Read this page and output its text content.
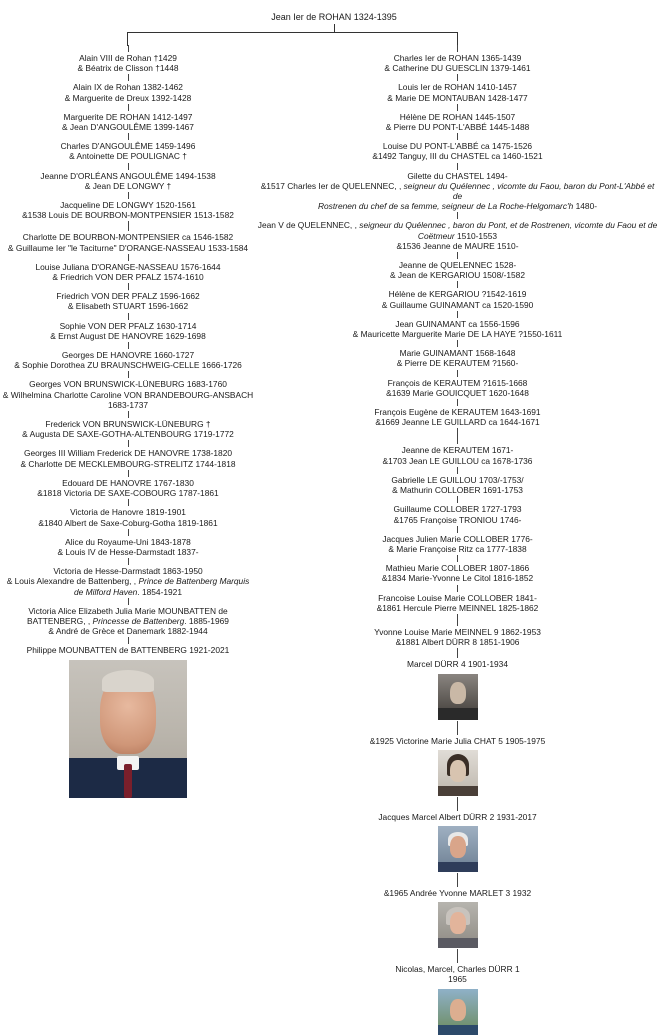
Jean Ier de ROHAN 1324-1395

Alain VIII de Rohan †1429

& Béatrix de Clisson †1448

Alain IX de Rohan 1382-1462

& Marguerite de Dreux 1392-1428

Marguerite DE ROHAN 1412-1497

& Jean D'ANGOULÊME 1399-1467

Charles D'ANGOULÊME 1459-1496

& Antoinette DE POULIGNAC †

Jeanne D'ORLÉANS ANGOULÊME 1494-1538

& Jean DE LONGWY †

Jacqueline DE LONGWY 1520-1561

&1538 Louis DE BOURBON-MONTPENSIER 1513-1582

Charlotte DE BOURBON-MONTPENSIER ca 1546-1582

& Guillaume Ier "le Taciturne" D'ORANGE-NASSEAU 1533-1584

Louise Juliana D'ORANGE-NASSEAU 1576-1644

& Friedrich VON DER PFALZ 1574-1610

Friedrich VON DER PFALZ 1596-1662

& Elisabeth STUART 1596-1662

Sophie VON DER PFALZ 1630-1714

& Ernst August DE HANOVRE 1629-1698

Georges DE HANOVRE 1660-1727

& Sophie Dorothea ZU BRAUNSCHWEIG-CELLE 1666-1726

Georges VON BRUNSWICK-LÜNEBURG 1683-1760

& Wilhelmina Charlotte Caroline VON BRANDEBOURG-ANSBACH

1683-1737

Frederick VON BRUNSWICK-LÜNEBURG †

& Augusta DE SAXE-GOTHA-ALTENBOURG 1719-1772

Georges III William Frederick DE HANOVRE 1738-1820

& Charlotte DE MECKLEMBOURG-STRELITZ 1744-1818

Edouard DE HANOVRE 1767-1830

&1818 Victoria DE SAXE-COBOURG 1787-1861

Victoria de Hanovre 1819-1901

&1840 Albert de Saxe-Coburg-Gotha 1819-1861

Alice du Royaume-Uni 1843-1878

& Louis IV de Hesse-Darmstadt 1837-

Victoria de Hesse-Darmstadt 1863-1950

& Louis Alexandre de Battenberg, , Prince de Battenberg Marquis

de Milford Haven. 1854-1921

Victoria Alice Elizabeth Julia Marie MOUNBATTEN de

BATTENBERG, , Princesse de Battenberg. 1885-1969

& André de Grèce et Danemark 1882-1944

Philippe MOUNBATTEN de BATTENBERG 1921-2021

Charles Ier de ROHAN 1365-1439

& Catherine DU GUESCLIN 1379-1461

Louis Ier de ROHAN 1410-1457

& Marie DE MONTAUBAN 1428-1477

Hélène DE ROHAN 1445-1507

& Pierre DU PONT-L'ABBÉ 1445-1488

Louise DU PONT-L'ABBÉ ca 1475-1526

&1492 Tanguy, III du CHASTEL ca 1460-1521

Gilette du CHASTEL 1494-

&1517 Charles Ier de QUELENNEC, , seigneur du Quélennec , vicomte du Faou, baron du Pont-L'Abbé et de

Rostrenen du chef de sa femme, seigneur de La Roche-Helgomarc'h 1480-

Jean V de QUELENNEC, , seigneur du Quélennec , baron du Pont, et de Rostrenen, vicomte du Faou et de

Coëtmeur 1510-1553

&1536 Jeanne de MAURE 1510-

Jeanne de QUELENNEC 1528-

& Jean de KERGARIOU 1508/-1582

Hélène de KERGARIOU ?1542-1619

& Guillaume GUINAMANT ca 1520-1590

Jean GUINAMANT ca 1556-1596

& Mauricette Marguerite Marie DE LA HAYE ?1550-1611

Marie GUINAMANT 1568-1648

& Pierre DE KERAUTEM ?1560-

François de KERAUTEM ?1615-1668

&1639 Marie GOUICQUET 1620-1648

François Eugène de KERAUTEM 1643-1691

&1669 Jeanne LE GUILLARD ca 1644-1671

Jeanne de KERAUTEM 1671-

&1703 Jean LE GUILLOU ca 1678-1736

Gabrielle LE GUILLOU 1703/-1753/

& Mathurin COLLOBER 1691-1753

Guillaume COLLOBER 1727-1793

&1765 Françoise TRONIOU 1746-

Jacques Julien Marie COLLOBER 1776-

& Marie Françoise Ritz ca 1777-1838

Mathieu Marie COLLOBER 1807-1866

&1834 Marie-Yvonne Le Citol 1816-1852

Francoise Louise Marie COLLOBER 1841-

&1861 Hercule Pierre MEINNEL 1825-1862

Yvonne Louise Marie MEINNEL 9 1862-1953

&1881 Albert DÜRR 8 1851-1906

Marcel DÜRR 4 1901-1934

&1925 Victorine Marie Julia CHAT 5 1905-1975

Jacques Marcel Albert DÜRR 2 1931-2017

&1965 Andrée Yvonne MARLET 3 1932

Nicolas, Marcel, Charles DÜRR 1

1965
